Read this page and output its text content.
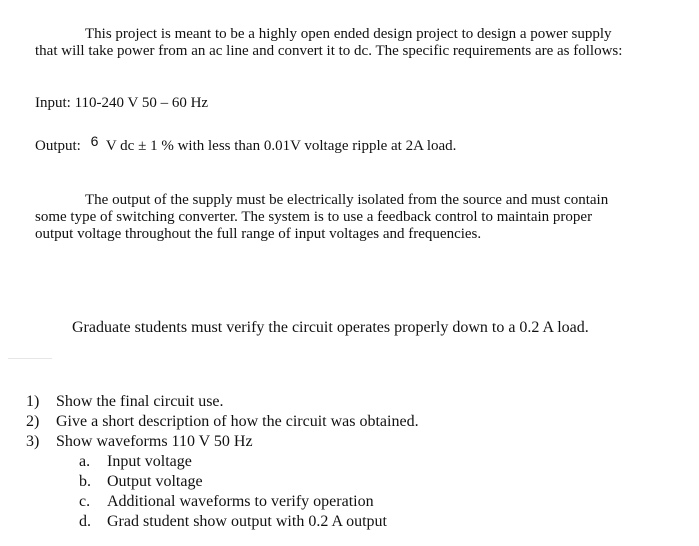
This project is meant to be a highly open ended design project to design a power supply that will take power from an ac line and convert it to dc. The specific requirements are as follows:
Input: 110-240 V 50 – 60 Hz
Output: 6 V dc ± 1 % with less than 0.01V voltage ripple at 2A load.
The output of the supply must be electrically isolated from the source and must contain some type of switching converter. The system is to use a feedback control to maintain proper output voltage throughout the full range of input voltages and frequencies.
Graduate students must verify the circuit operates properly down to a 0.2 A load.
1) Show the final circuit use.
2) Give a short description of how the circuit was obtained.
3) Show waveforms 110 V 50 Hz
a. Input voltage
b. Output voltage
c. Additional waveforms to verify operation
d. Grad student show output with 0.2 A output
